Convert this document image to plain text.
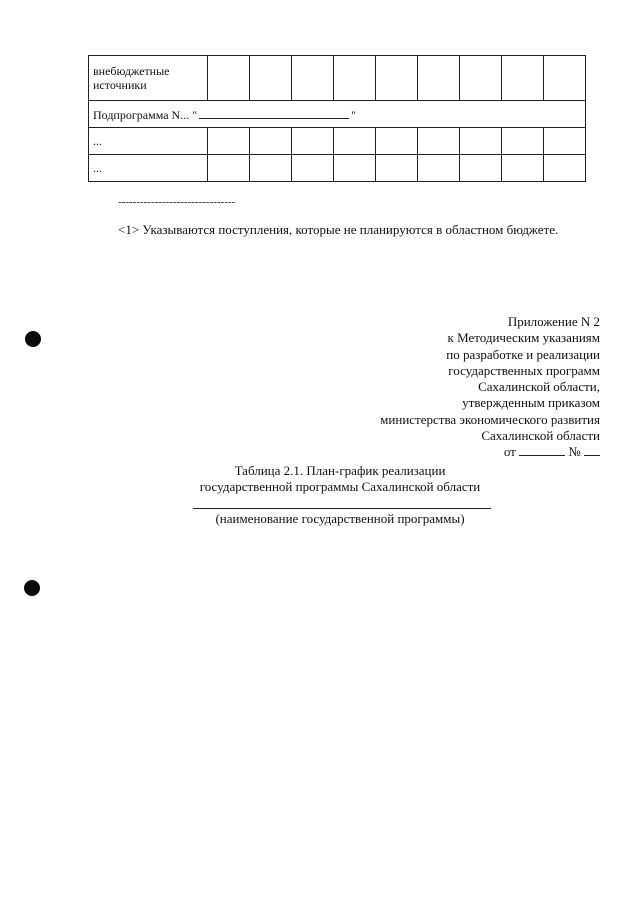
внебюджетные источники									
Подпрограмма N... " "									
...									
...									
--------------------------------
<1> Указываются поступления, которые не планируются в областном бюджете.
Приложение N 2
к Методическим указаниям
по разработке и реализации
государственных программ
Сахалинской области,
утвержденным приказом
министерства экономического развития
Сахалинской области
от	№
Таблица 2.1. План-график реализации
государственной программы Сахалинской области
(наименование государственной программы)
